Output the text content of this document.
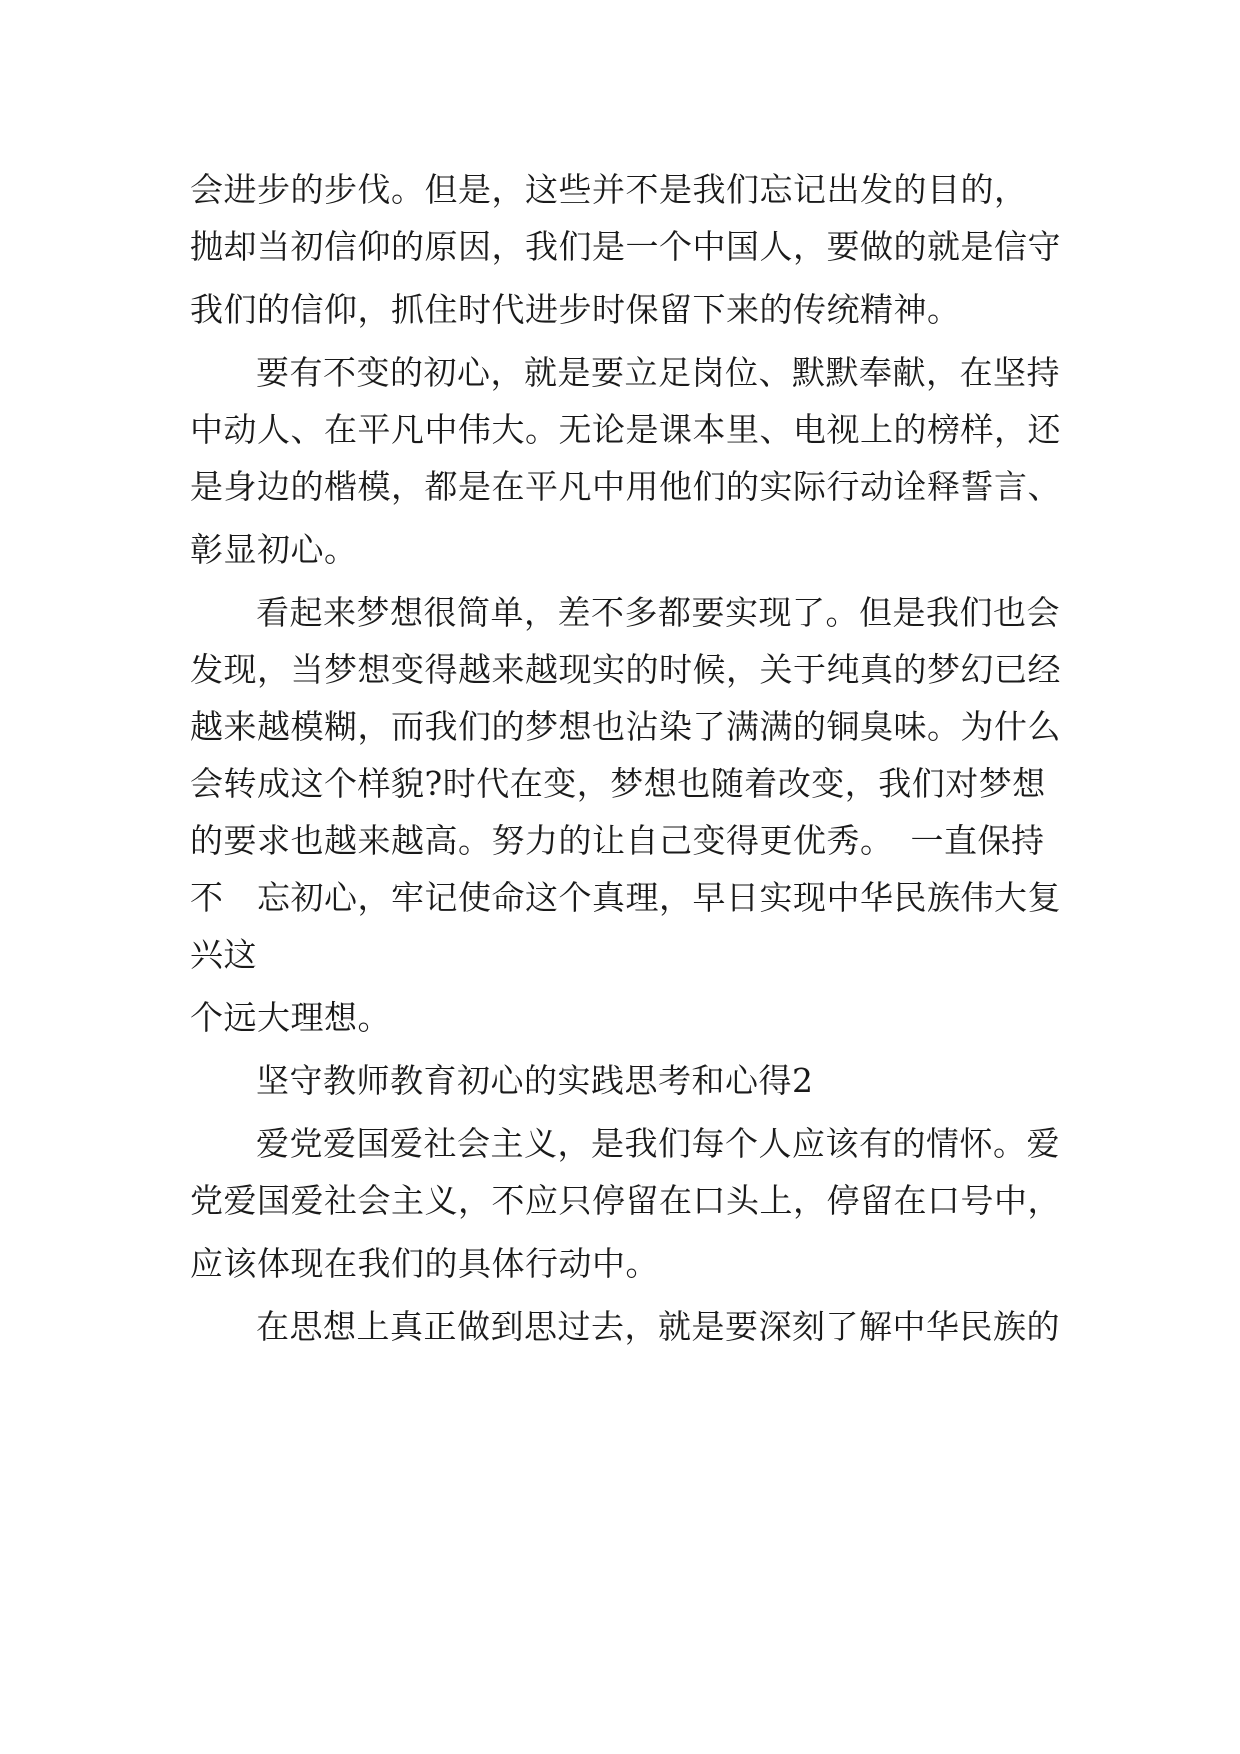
会进步的步伐。但是，这些并不是我们忘记出发的目的，
抛却当初信仰的原因，我们是一个中国人，要做的就是信守
我们的信仰，抓住时代进步时保留下来的传统精神。
要有不变的初心，就是要立足岗位、默默奉献，在坚持
中动人、在平凡中伟大。无论是课本里、电视上的榜样，还
是身边的楷模，都是在平凡中用他们的实际行动诠释誓言、
彰显初心。
看起来梦想很简单，差不多都要实现了。但是我们也会
发现，当梦想变得越来越现实的时候，关于纯真的梦幻已经
越来越模糊，而我们的梦想也沾染了满满的铜臭味。为什么
会转成这个样貌?时代在变，梦想也随着改变，我们对梦想
的要求也越来越高。努力的让自己变得更优秀。　一直保持
不　忘初心，牢记使命这个真理，早日实现中华民族伟大复
兴这
个远大理想。
坚守教师教育初心的实践思考和心得2
爱党爱国爱社会主义，是我们每个人应该有的情怀。爱
党爱国爱社会主义，不应只停留在口头上，停留在口号中，
应该体现在我们的具体行动中。
在思想上真正做到思过去，就是要深刻了解中华民族的
